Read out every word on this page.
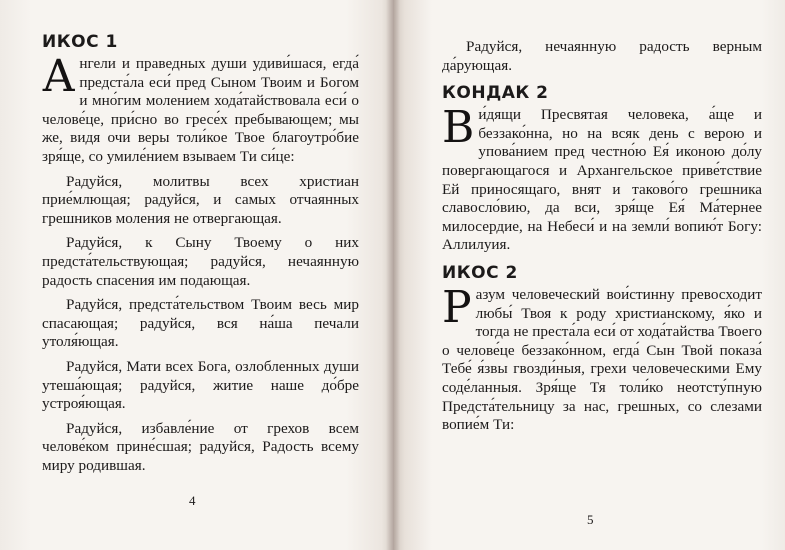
ИКОС 1

Ангели и праведных души удиви́шася, егда́ предста́ла еси́ пред Сыном Твоим и Богом и мно́гим молением хода́тайствовала еси́ о челове́це, при́сно во гресе́х пребывающем; мы же, видя очи веры толи́кое Твое благоутро́бие зря́ще, со умиле́нием взываем Ти си́це:

Радуйся, молитвы всех христиан прие́млющая; радуйся, и самых отчаянных грешников моления не отвергающая.

Радуйся, к Сыну Твоему о них предста́тельствующая; радуйся, нечаянную радость спасения им подающая.

Радуйся, предста́тельством Твоим весь мир спасающая; радуйся, вся на́ша печали утоля́ющая.

Радуйся, Мати всех Бога, озлобленных души утеша́ющая; радуйся, житие наше до́бре устроя́ющая.

Радуйся, избавле́ние от грехов всем челове́ком прине́сшая; радуйся, Радость всему миру родившая.

4

Радуйся, нечаянную радость верным да́рующая.

КОНДАК 2

Ви́дящи Пресвятая человека, а́ще и беззако́нна, но на всяк день с верою и упова́нием пред честно́ю Ея́ иконою до́лу повергающагося и Архангельское приве́тствие Ей приносящаго, внят и таково́го грешника славосло́вию, да вси, зря́ще Ея́ Ма́тернее милосердие, на Небеси́ и на земли́ вопию́т Богу: Аллилуия.

ИКОС 2

Разум человеческий вои́стинну превосходит любы́ Твоя к роду христианскому, я́ко и тогда не преста́ла еси́ от хода́тайства Твоего о челове́це беззако́нном, егда́ Сын Твой показа́ Тебе́ я́звы гвозди́ныя, грехи человеческими Ему соде́ланныя. Зря́ще Тя толи́ко неотсту́пную Предста́тельницу за нас, грешных, со слезами вопие́м Ти:

5
